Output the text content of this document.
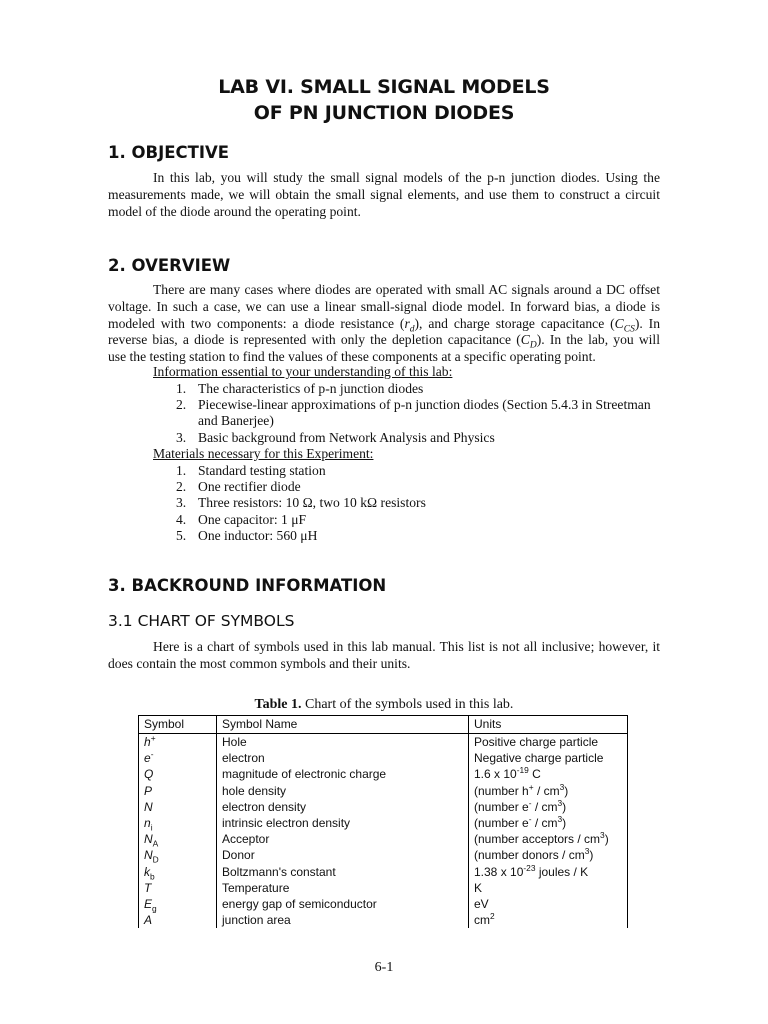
LAB VI. SMALL SIGNAL MODELS
OF PN JUNCTION DIODES
1. OBJECTIVE
In this lab, you will study the small signal models of the p-n junction diodes. Using the
measurements made, we will obtain the small signal elements, and use them to construct a circuit
model of the diode around the operating point.
2. OVERVIEW
There are many cases where diodes are operated with small AC signals around a DC offset
voltage. In such a case, we can use a linear small-signal diode model. In forward bias, a diode is
modeled with two components: a diode resistance $(r_d)$, and charge storage capacitance $(C_{CS})$. In
reverse bias, a diode is represented with only the depletion capacitance $(C_D)$. In the lab, you will
use the testing station to find the values of these components at a specific operating point.
Information essential to your understanding of this lab:
1. The characteristics of p-n junction diodes
2. Piecewise-linear approximations of p-n junction diodes (Section 5.4.3 in Streetman
and Banerjee)
3. Basic background from Network Analysis and Physics
Materials necessary for this Experiment:
1. Standard testing station
2. One rectifier diode
3. Three resistors: 10 Ω, two 10 kΩ resistors
4. One capacitor: 1 μF
5. One inductor: 560 μH
3. BACKROUND INFORMATION
3.1 CHART OF SYMBOLS
Here is a chart of symbols used in this lab manual. This list is not all inclusive; however, it
does contain the most common symbols and their units.
Table 1. Chart of the symbols used in this lab.
Symbol	Symbol Name	Units
h+	Hole	Positive charge particle
e-	electron	Negative charge particle
Q	magnitude of electronic charge	1.6 x $10^{-19}$ C
P	hole density	(number $h^+ / cm^3$)
N	electron density	(number $e^- / cm^3$)
$n_i$	intrinsic electron density	(number $e^- / cm^3$)
$N_A$	Acceptor	(number acceptors / $cm^3$)
$N_D$	Donor	(number donors / $cm^3$)
$k_b$	Boltzmann's constant	1.38 x $10^{-23}$ joules / K
T	Temperature	K
$E_g$	energy gap of semiconductor	eV
A	junction area	$cm^2$
6-1
